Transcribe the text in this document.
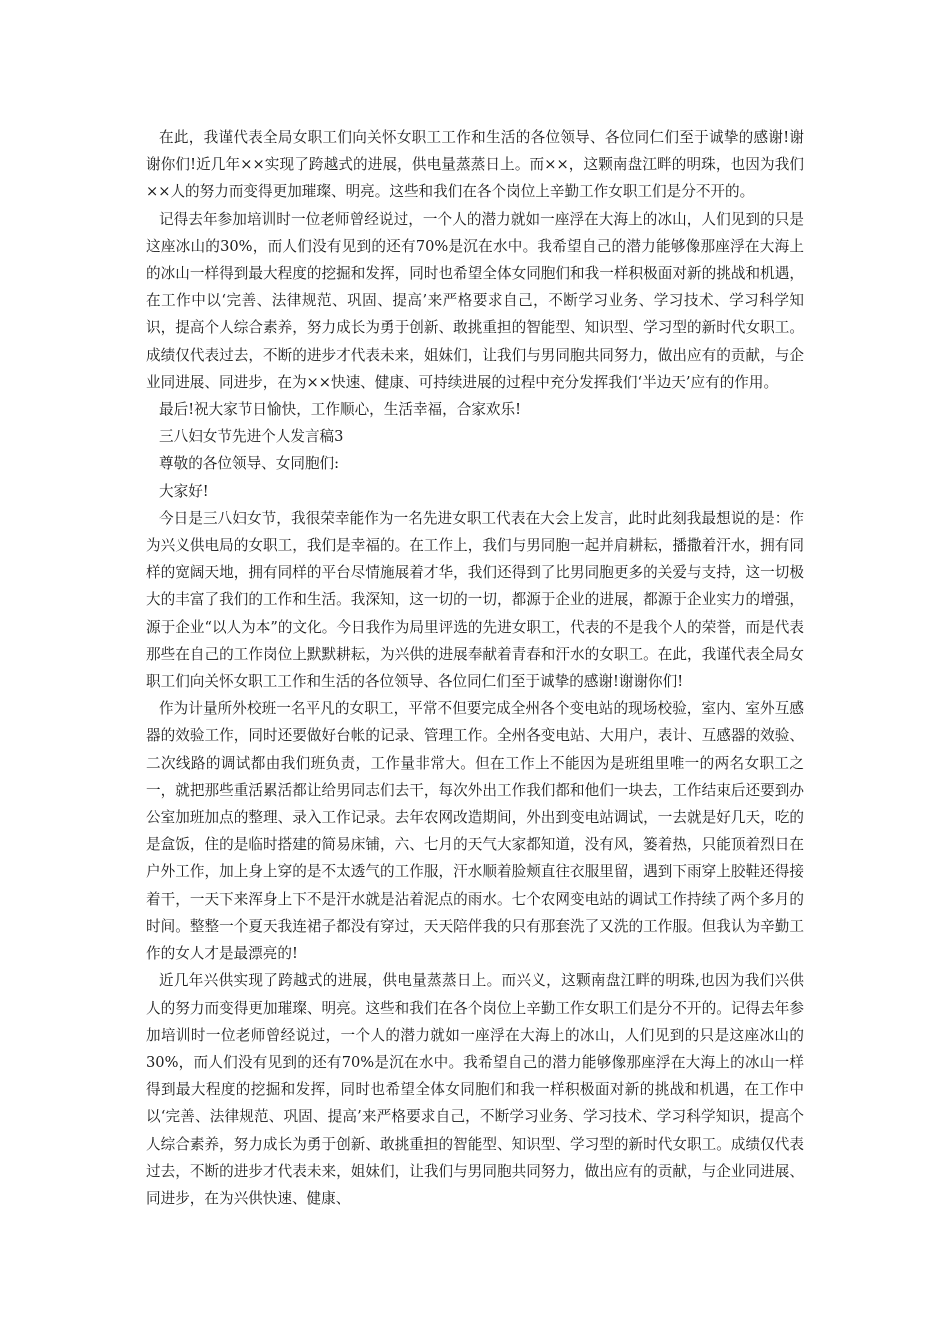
在此，我谨代表全局女职工们向关怀女职工工作和生活的各位领导、各位同仁们至于诚挚的感谢!谢谢你们!近几年××实现了跨越式的进展，供电量蒸蒸日上。而××，这颗南盘江畔的明珠，也因为我们××人的努力而变得更加璀璨、明亮。这些和我们在各个岗位上辛勤工作女职工们是分不开的。

记得去年参加培训时一位老师曾经说过，一个人的潜力就如一座浮在大海上的冰山，人们见到的只是这座冰山的30%，而人们没有见到的还有70%是沉在水中。我希望自己的潜力能够像那座浮在大海上的冰山一样得到最大程度的挖掘和发挥，同时也希望全体女同胞们和我一样积极面对新的挑战和机遇，在工作中以‘完善、法律规范、巩固、提高’来严格要求自己，不断学习业务、学习技术、学习科学知识，提高个人综合素养，努力成长为勇于创新、敢挑重担的智能型、知识型、学习型的新时代女职工。成绩仅代表过去，不断的进步才代表未来，姐妹们，让我们与男同胞共同努力，做出应有的贡献，与企业同进展、同进步，在为××快速、健康、可持续进展的过程中充分发挥我们‘半边天’应有的作用。

最后!祝大家节日愉快，工作顺心，生活幸福，合家欢乐!

三八妇女节先进个人发言稿3

尊敬的各位领导、女同胞们:

大家好!

今日是三八妇女节，我很荣幸能作为一名先进女职工代表在大会上发言，此时此刻我最想说的是：作为兴义供电局的女职工，我们是幸福的。在工作上，我们与男同胞一起并肩耕耘，播撒着汗水，拥有同样的宽阔天地，拥有同样的平台尽情施展着才华，我们还得到了比男同胞更多的关爱与支持，这一切极大的丰富了我们的工作和生活。我深知，这一切的一切，都源于企业的进展，都源于企业实力的增强，源于企业“以人为本”的文化。今日我作为局里评选的先进女职工，代表的不是我个人的荣誉，而是代表那些在自己的工作岗位上默默耕耘，为兴供的进展奉献着青春和汗水的女职工。在此，我谨代表全局女职工们向关怀女职工工作和生活的各位领导、各位同仁们至于诚挚的感谢!谢谢你们!

作为计量所外校班一名平凡的女职工，平常不但要完成全州各个变电站的现场校验，室内、室外互感器的效验工作，同时还要做好台帐的记录、管理工作。全州各变电站、大用户，表计、互感器的效验、二次线路的调试都由我们班负责，工作量非常大。但在工作上不能因为是班组里唯一的两名女职工之一，就把那些重活累活都让给男同志们去干，每次外出工作我们都和他们一块去，工作结束后还要到办公室加班加点的整理、录入工作记录。去年农网改造期间，外出到变电站调试，一去就是好几天，吃的是盒饭，住的是临时搭建的简易床铺，六、七月的天气大家都知道，没有风，篓着热，只能顶着烈日在户外工作，加上身上穿的是不太透气的工作服，汗水顺着脸颊直往衣服里留，遇到下雨穿上胶鞋还得接着干，一天下来浑身上下不是汗水就是沾着泥点的雨水。七个农网变电站的调试工作持续了两个多月的时间。整整一个夏天我连裙子都没有穿过，天天陪伴我的只有那套洗了又洗的工作服。但我认为辛勤工作的女人才是最漂亮的!

近几年兴供实现了跨越式的进展，供电量蒸蒸日上。而兴义，这颗南盘江畔的明珠,也因为我们兴供人的努力而变得更加璀璨、明亮。这些和我们在各个岗位上辛勤工作女职工们是分不开的。记得去年参加培训时一位老师曾经说过，一个人的潜力就如一座浮在大海上的冰山，人们见到的只是这座冰山的30%，而人们没有见到的还有70%是沉在水中。我希望自己的潜力能够像那座浮在大海上的冰山一样得到最大程度的挖掘和发挥，同时也希望全体女同胞们和我一样积极面对新的挑战和机遇，在工作中以‘完善、法律规范、巩固、提高’来严格要求自己，不断学习业务、学习技术、学习科学知识，提高个人综合素养，努力成长为勇于创新、敢挑重担的智能型、知识型、学习型的新时代女职工。成绩仅代表过去，不断的进步才代表未来，姐妹们，让我们与男同胞共同努力，做出应有的贡献，与企业同进展、同进步，在为兴供快速、健康、
